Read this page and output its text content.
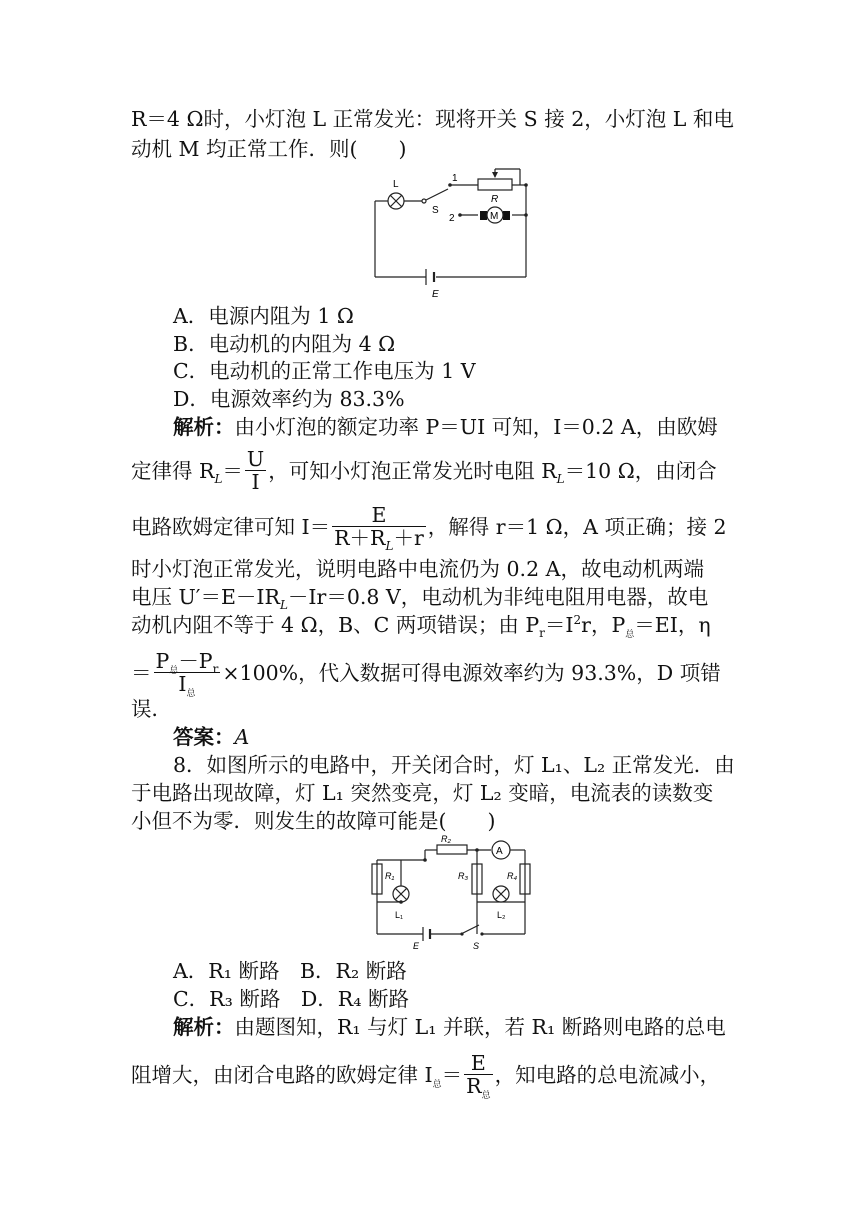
R＝4 Ω时，小灯泡 L 正常发光：现将开关 S 接 2，小灯泡 L 和电
动机 M 均正常工作．则(　　)
L
S
1
2
R
M
E
A．电源内阻为 1 Ω
B．电动机的内阻为 4 Ω
C．电动机的正常工作电压为 1 V
D．电源效率约为 83.3%
解析：由小灯泡的额定功率 P＝UI 可知，I＝0.2 A，由欧姆
定律得 $R_L= \frac{U}{I}$ ，可知小灯泡正常发光时电阻 $R_L=10$ Ω，由闭合
电路欧姆定律可知 $I= \frac{E}{R+R_L+r}$ ，解得 r＝1 Ω，A 项正确；接 2
时小灯泡正常发光，说明电路中电流仍为 0.2 A，故电动机两端
电压 $U'=E-IR_L-Ir=0.8$ V，电动机为非纯电阻用电器，故电
动机内阻不等于 4 Ω，B、C 两项错误；由 $P_r=I^2r$，$P_总=EI$，η
＝ $\frac{P_总-P_r}{I_总} \times 100\%$，代入数据可得电源效率约为 93.3%，D 项错
误．
答案：A
8．如图所示的电路中，开关闭合时，灯 L₁、L₂ 正常发光．由
于电路出现故障，灯 L₁ 突然变亮，灯 L₂ 变暗，电流表的读数变
小但不为零．则发生的故障可能是(　　)
R₂
A
R₁	R₃	R₄
L₁	L₂
E	S
A．R₁ 断路　B．R₂ 断路
C．R₃ 断路　D．R₄ 断路
解析：由题图知，R₁ 与灯 L₁ 并联，若 R₁ 断路则电路的总电
阻增大，由闭合电路的欧姆定律 $I_总= \frac{E}{R_总}$ ，知电路的总电流减小，
